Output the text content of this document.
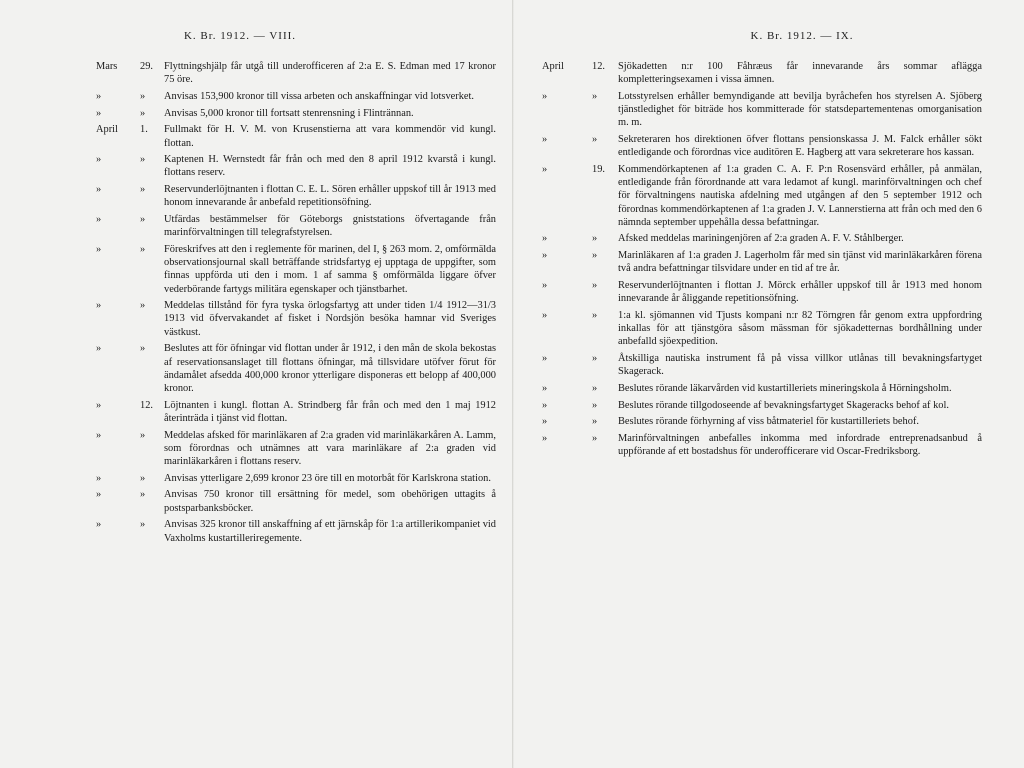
K. Br. 1912. — VIII.
Mars	29.	Flyttningshjälp får utgå till underofficeren af 2:a E. S. Edman med 17 kronor 75 öre.
»	»	Anvisas 153,900 kronor till vissa arbeten och anskaffningar vid lotsverket.
»	»	Anvisas 5,000 kronor till fortsatt stenrensning i Flintrännan.
April	1.	Fullmakt för H. V. M. von Krusenstierna att vara kommendör vid kungl. flottan.
»	»	Kaptenen H. Wernstedt får från och med den 8 april 1912 kvarstå i kungl. flottans reserv.
»	»	Reservunderlöjtnanten i flottan C. E. L. Sören erhåller uppskof till år 1913 med honom innevarande år anbefald repetitionsöfning.
»	»	Utfärdas bestämmelser för Göteborgs gniststations öfvertagande från marinförvaltningen till telegrafstyrelsen.
»	»	Föreskrifves att den i reglemente för marinen, del I, § 263 mom. 2, omförmälda observationsjournal skall beträffande stridsfartyg ej upptaga de uppgifter, som finnas uppförda uti den i mom. 1 af samma § omförmälda liggare öfver vederbörande fartygs militära egenskaper och tjänstbarhet.
»	»	Meddelas tillstånd för fyra tyska örlogsfartyg att under tiden 1/4 1912—31/3 1913 vid öfvervakandet af fisket i Nordsjön besöka hamnar vid Sveriges västkust.
»	»	Beslutes att för öfningar vid flottan under år 1912, i den mån de skola bekostas af reservationsanslaget till flottans öfningar, må tillsvidare utöfver förut för ändamålet afsedda 400,000 kronor ytterligare disponeras ett belopp af 400,000 kronor.
»	12.	Löjtnanten i kungl. flottan A. Strindberg får från och med den 1 maj 1912 återinträda i tjänst vid flottan.
»	»	Meddelas afsked för marinläkaren af 2:a graden vid marinläkarkåren A. Lamm, som förordnas och utnämnes att vara marinläkare af 2:a graden vid marinläkarkåren i flottans reserv.
»	»	Anvisas ytterligare 2,699 kronor 23 öre till en motorbåt för Karlskrona station.
»	»	Anvisas 750 kronor till ersättning för medel, som obehörigen uttagits å postsparbanksböcker.
»	»	Anvisas 325 kronor till anskaffning af ett järnskåp för 1:a artillerikompaniet vid Vaxholms kustartilleriregemente.
K. Br. 1912. — IX.
April	12.	Sjökadetten n:r 100 Fåhræus får innevarande års sommar aflägga kompletteringsexamen i vissa ämnen.
»	»	Lotsstyrelsen erhåller bemyndigande att bevilja byråchefen hos styrelsen A. Sjöberg tjänstledighet för biträde hos kommitterade för statsdepartementenas omorganisation m. m.
»	»	Sekreteraren hos direktionen öfver flottans pensionskassa J. M. Falck erhåller sökt entledigande och förordnas vice auditören E. Hagberg att vara sekreterare hos kassan.
»	19.	Kommendörkaptenen af 1:a graden C. A. F. P:n Rosensvärd erhåller, på anmälan, entledigande från förordnande att vara ledamot af kungl. marinförvaltningen och chef för förvaltningens nautiska afdelning med utgången af den 5 september 1912 och förordnas kommendörkaptenen af 1:a graden J. V. Lannerstierna att från och med den 6 nämnda september uppehålla dessa befattningar.
»	»	Afsked meddelas mariningenjören af 2:a graden A. F. V. Ståhlberger.
»	»	Marinläkaren af 1:a graden J. Lagerholm får med sin tjänst vid marinläkarkåren förena två andra befattningar tilsvidare under en tid af tre år.
»	»	Reservunderlöjtnanten i flottan J. Mörck erhåller uppskof till år 1913 med honom innevarande år åliggande repetitionsöfning.
»	»	1:a kl. sjömannen vid Tjusts kompani n:r 82 Törngren får genom extra uppfordring inkallas för att tjänstgöra såsom mässman för sjökadetternas bordhållning under anbefalld sjöexpedition.
»	»	Åtskilliga nautiska instrument få på vissa villkor utlånas till bevakningsfartyget Skagerack.
»	»	Beslutes rörande läkarvården vid kustartilleriets mineringskola å Hörningsholm.
»	»	Beslutes rörande tillgodoseende af bevakningsfartyget Skageracks behof af kol.
»	»	Beslutes rörande förhyrning af viss båtmateriel för kustartilleriets behof.
»	»	Marinförvaltningen anbefalles inkomma med infordrade entreprenadsanbud å uppförande af ett bostadshus för underofficerare vid Oscar-Fredriksborg.
